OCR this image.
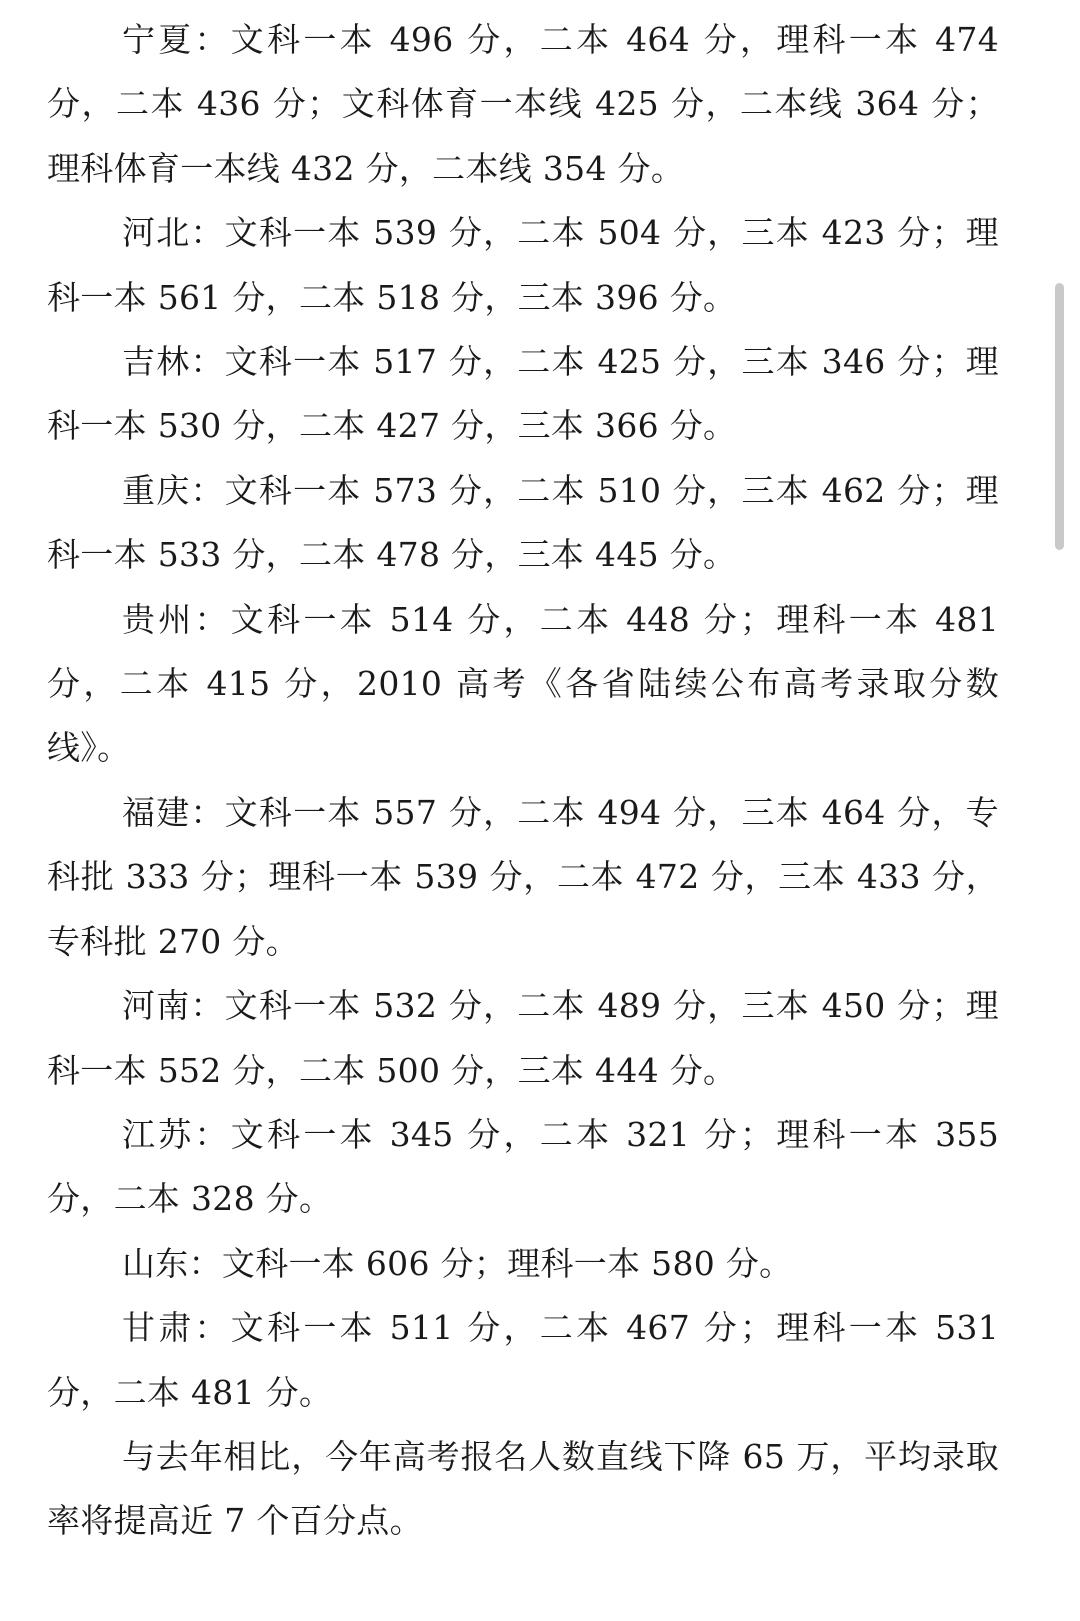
宁夏：文科一本 496 分，二本 464 分，理科一本 474 分，二本 436 分；文科体育一本线 425 分，二本线 364 分；理科体育一本线 432 分，二本线 354 分。

河北：文科一本 539 分，二本 504 分，三本 423 分；理科一本 561 分，二本 518 分，三本 396 分。

吉林：文科一本 517 分，二本 425 分，三本 346 分；理科一本 530 分，二本 427 分，三本 366 分。

重庆：文科一本 573 分，二本 510 分，三本 462 分；理科一本 533 分，二本 478 分，三本 445 分。

贵州：文科一本 514 分，二本 448 分；理科一本 481 分，二本 415 分，2010 高考《各省陆续公布高考录取分数线》。

福建：文科一本 557 分，二本 494 分，三本 464 分，专科批 333 分；理科一本 539 分，二本 472 分，三本 433 分，专科批 270 分。

河南：文科一本 532 分，二本 489 分，三本 450 分；理科一本 552 分，二本 500 分，三本 444 分。

江苏：文科一本 345 分，二本 321 分；理科一本 355 分，二本 328 分。

山东：文科一本 606 分；理科一本 580 分。

甘肃：文科一本 511 分，二本 467 分；理科一本 531 分，二本 481 分。

与去年相比，今年高考报名人数直线下降 65 万，平均录取率将提高近 7 个百分点。
